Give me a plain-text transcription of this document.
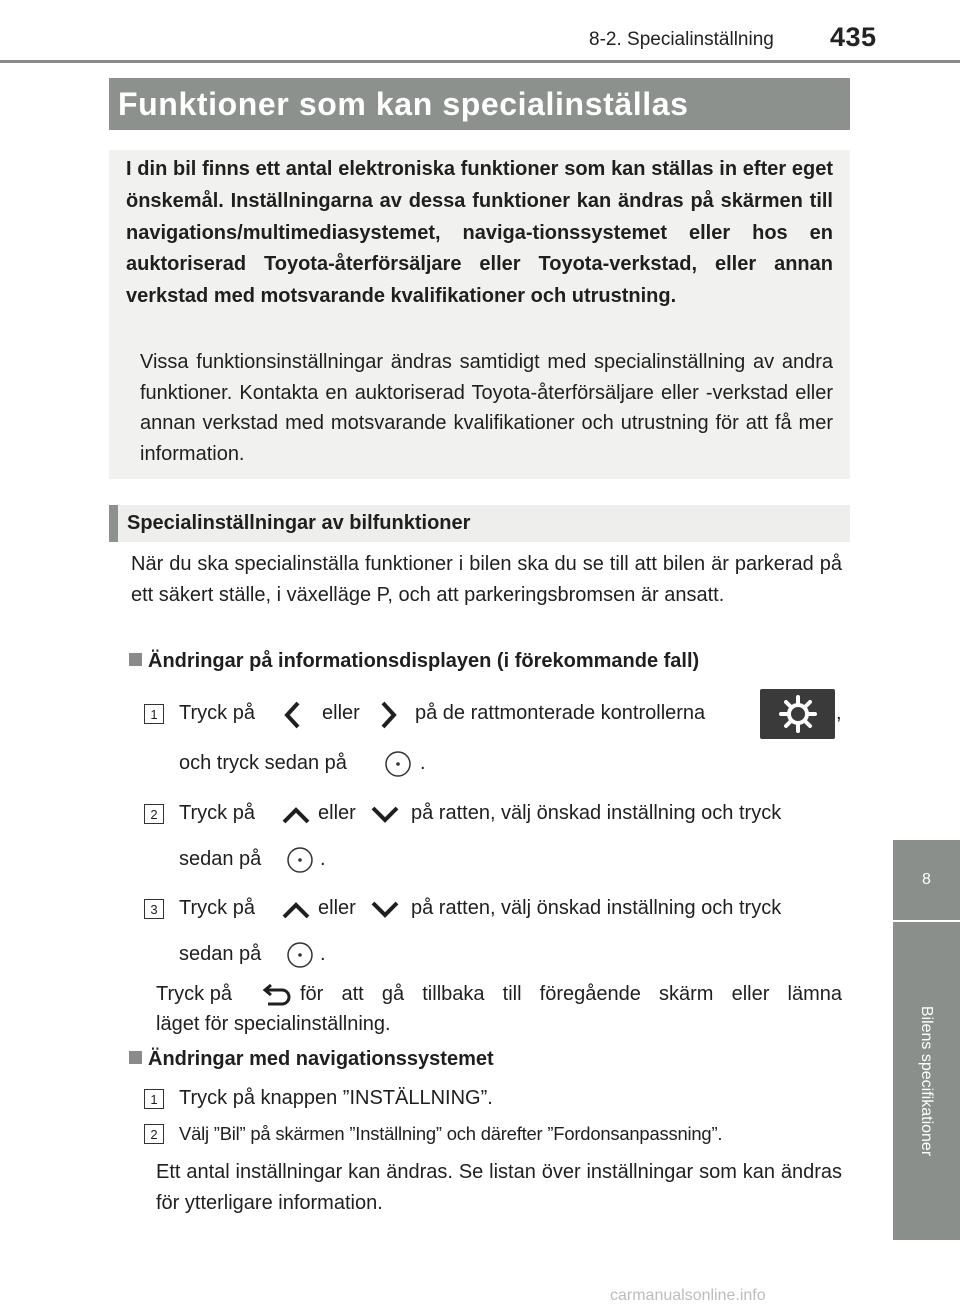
8-2. Specialinställning 435
8
Bilens specifikationer
Funktioner som kan specialinställas
I din bil finns ett antal elektroniska funktioner som kan ställas in efter eget önskemål. Inställningarna av dessa funktioner kan ändras på skärmen till navigations/multimediasystemet, naviga-tionssystemet eller hos en auktoriserad Toyota-återförsäljare eller Toyota-verkstad, eller annan verkstad med motsvarande kvalifikationer och utrustning.
Vissa funktionsinställningar ändras samtidigt med specialinställning av andra funktioner. Kontakta en auktoriserad Toyota-återförsäljare eller -verkstad eller annan verkstad med motsvarande kvalifikationer och utrustning för att få mer information.
Specialinställningar av bilfunktioner
När du ska specialinställa funktioner i bilen ska du se till att bilen är parkerad på ett säkert ställe, i växelläge P, och att parkeringsbromsen är ansatt.
Ändringar på informationsdisplayen (i förekommande fall)
1 Tryck på	eller	på de rattmonterade kontrollerna	,
och tryck sedan på	.
2 Tryck på	eller	på ratten, välj önskad inställning och tryck
sedan på	.
3 Tryck på	eller	på ratten, välj önskad inställning och tryck
sedan på	.
Tryck på	för att gå tillbaka till föregående skärm eller lämna
läget för specialinställning.
Ändringar med navigationssystemet
1 Tryck på knappen ”INSTÄLLNING”.
2 Välj ”Bil” på skärmen ”Inställning” och därefter ”Fordonsanpassning”.
Ett antal inställningar kan ändras. Se listan över inställningar som kan ändras för ytterligare information.
carmanualsonline.info
